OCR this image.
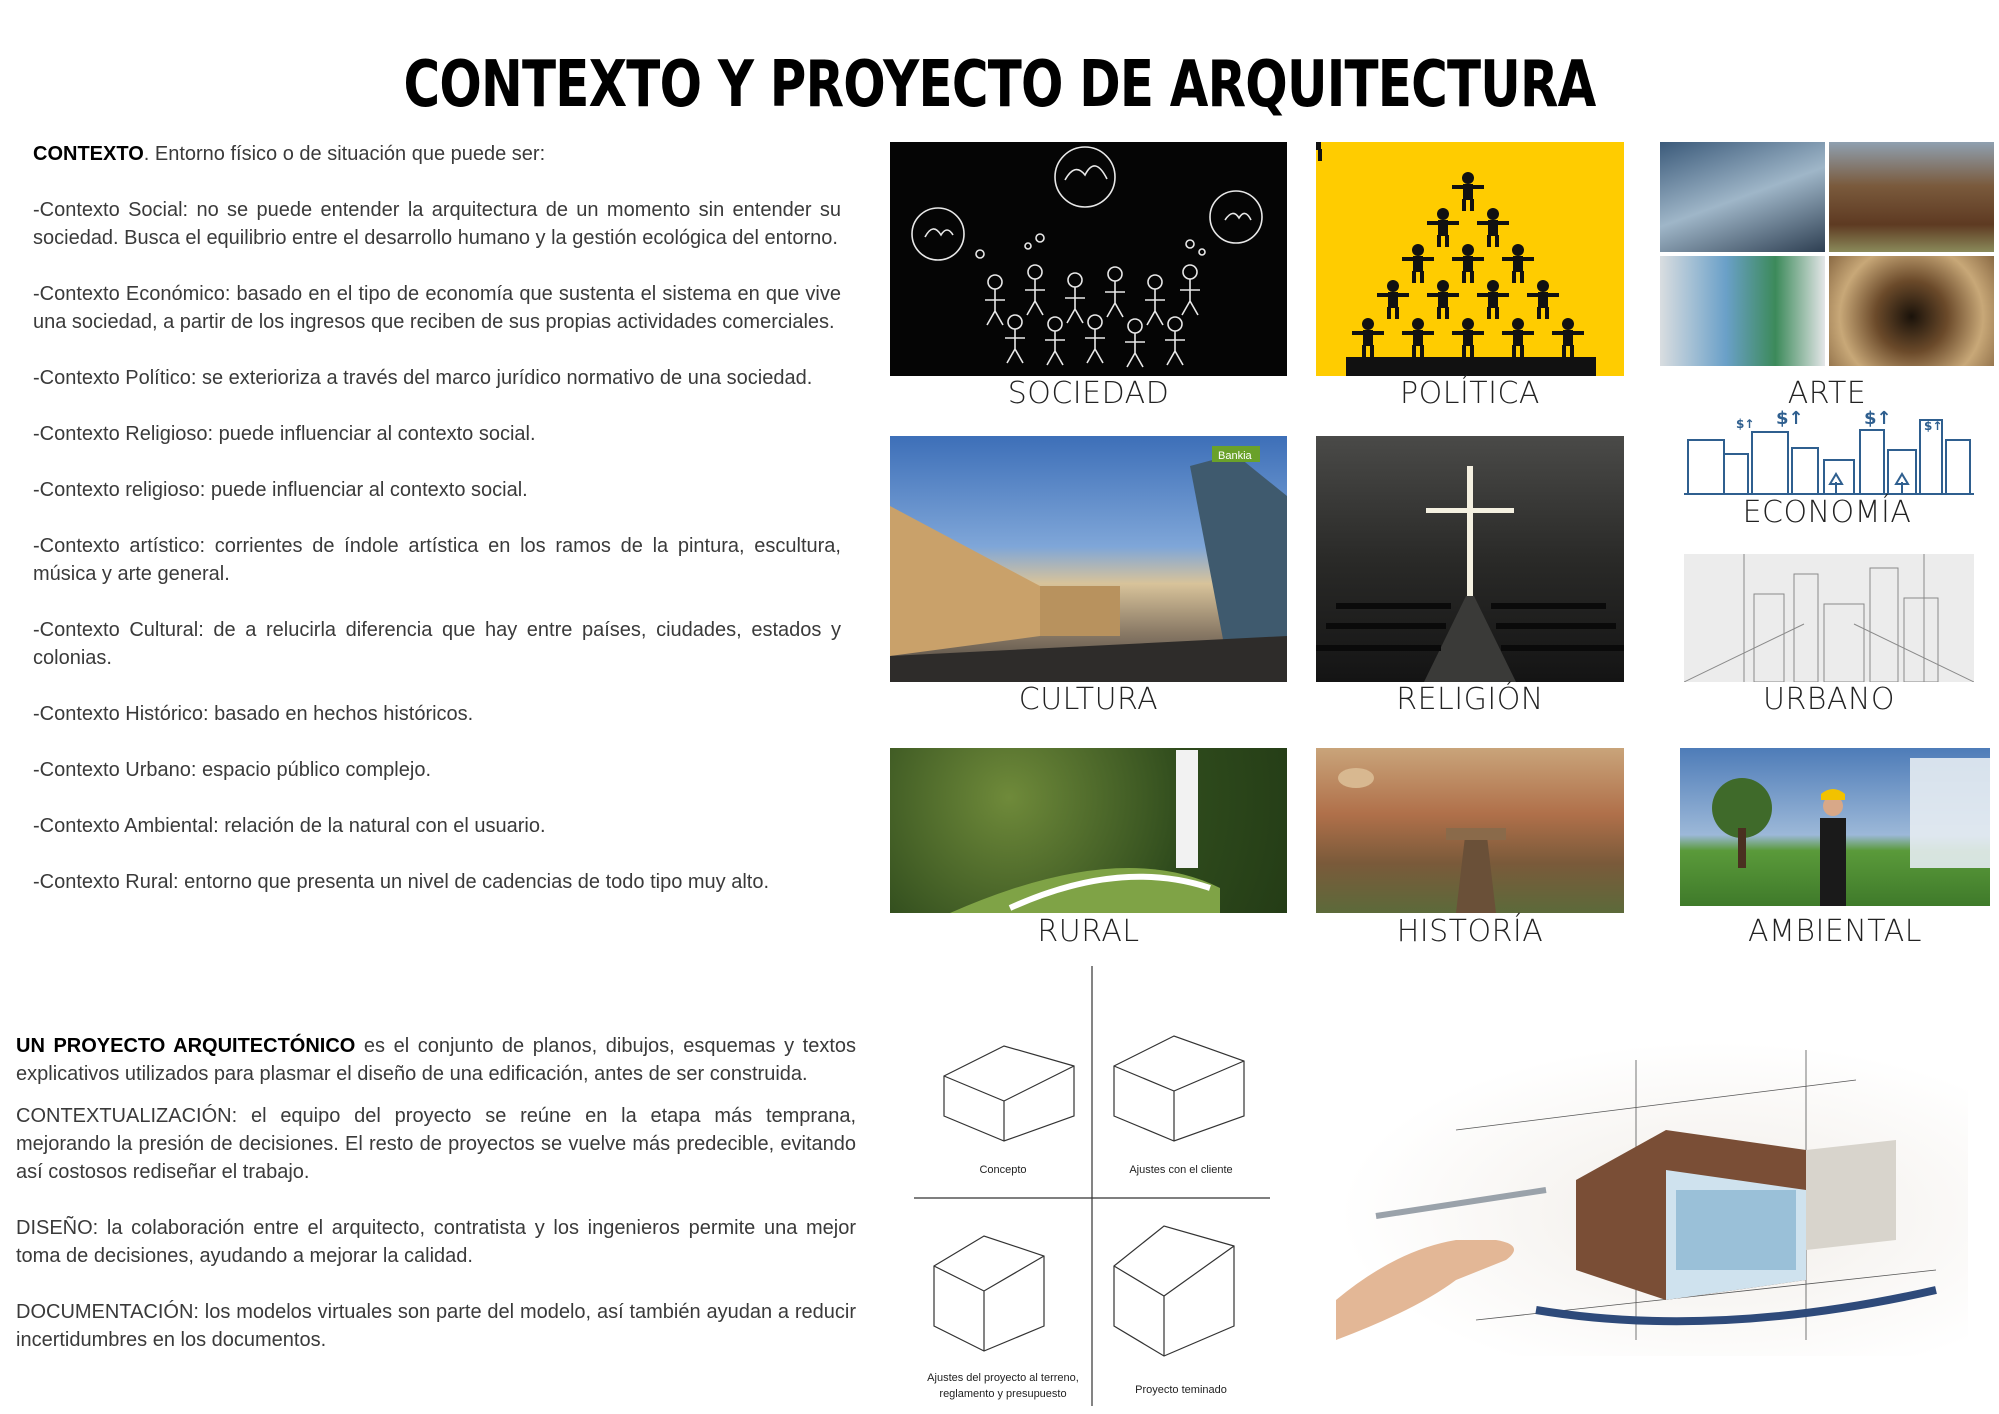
CONTEXTO Y PROYECTO DE ARQUITECTURA

CONTEXTO. Entorno físico o de situación que puede ser:

-Contexto Social: no se puede entender la arquitectura de un momento sin entender su sociedad. Busca el equilibrio entre el desarrollo humano y la gestión ecológica del entorno.

-Contexto Económico: basado en el tipo de economía que sustenta el sistema en que vive una sociedad, a partir de los ingresos que reciben de sus propias actividades comerciales.

-Contexto Político: se exterioriza a través del marco jurídico normativo de una sociedad.

-Contexto Religioso: puede influenciar al contexto social.

-Contexto religioso: puede influenciar al contexto social.

-Contexto artístico: corrientes de índole artística en los ramos de la pintura, escultura, música y arte general.

-Contexto Cultural: de a relucirla diferencia que hay entre países, ciudades, estados y colonias.

-Contexto Histórico: basado en hechos históricos.

-Contexto Urbano: espacio público complejo.

-Contexto Ambiental: relación de la natural con el usuario.

-Contexto Rural: entorno que presenta un nivel de cadencias de todo tipo muy alto.

UN PROYECTO ARQUITECTÓNICO es el conjunto de planos, dibujos, esquemas y textos explicativos utilizados para plasmar el diseño de una edificación, antes de ser construida.

CONTEXTUALIZACIÓN: el equipo del proyecto se reúne en la etapa más temprana, mejorando la presión de decisiones. El resto de proyectos se vuelve más predecible, evitando así costosos rediseñar el trabajo.

DISEÑO: la colaboración entre el arquitecto, contratista y los ingenieros permite una mejor toma de decisiones, ayudando a mejorar la calidad.

DOCUMENTACIÓN: los modelos virtuales son parte del modelo, así también ayudan a reducir incertidumbres en los documentos.

SOCIEDAD	POLÍTICA	ARTE
$↑ $↑	$↑	$↑
ECONOMÍA
Bankia
CULTURA	RELIGIÓN	URBANO
RURAL	HISTORÍA	AMBIENTAL
Concepto	Ajustes con el cliente
Ajustes del proyecto al terreno,
reglamento y presupuesto	Proyecto teminado
